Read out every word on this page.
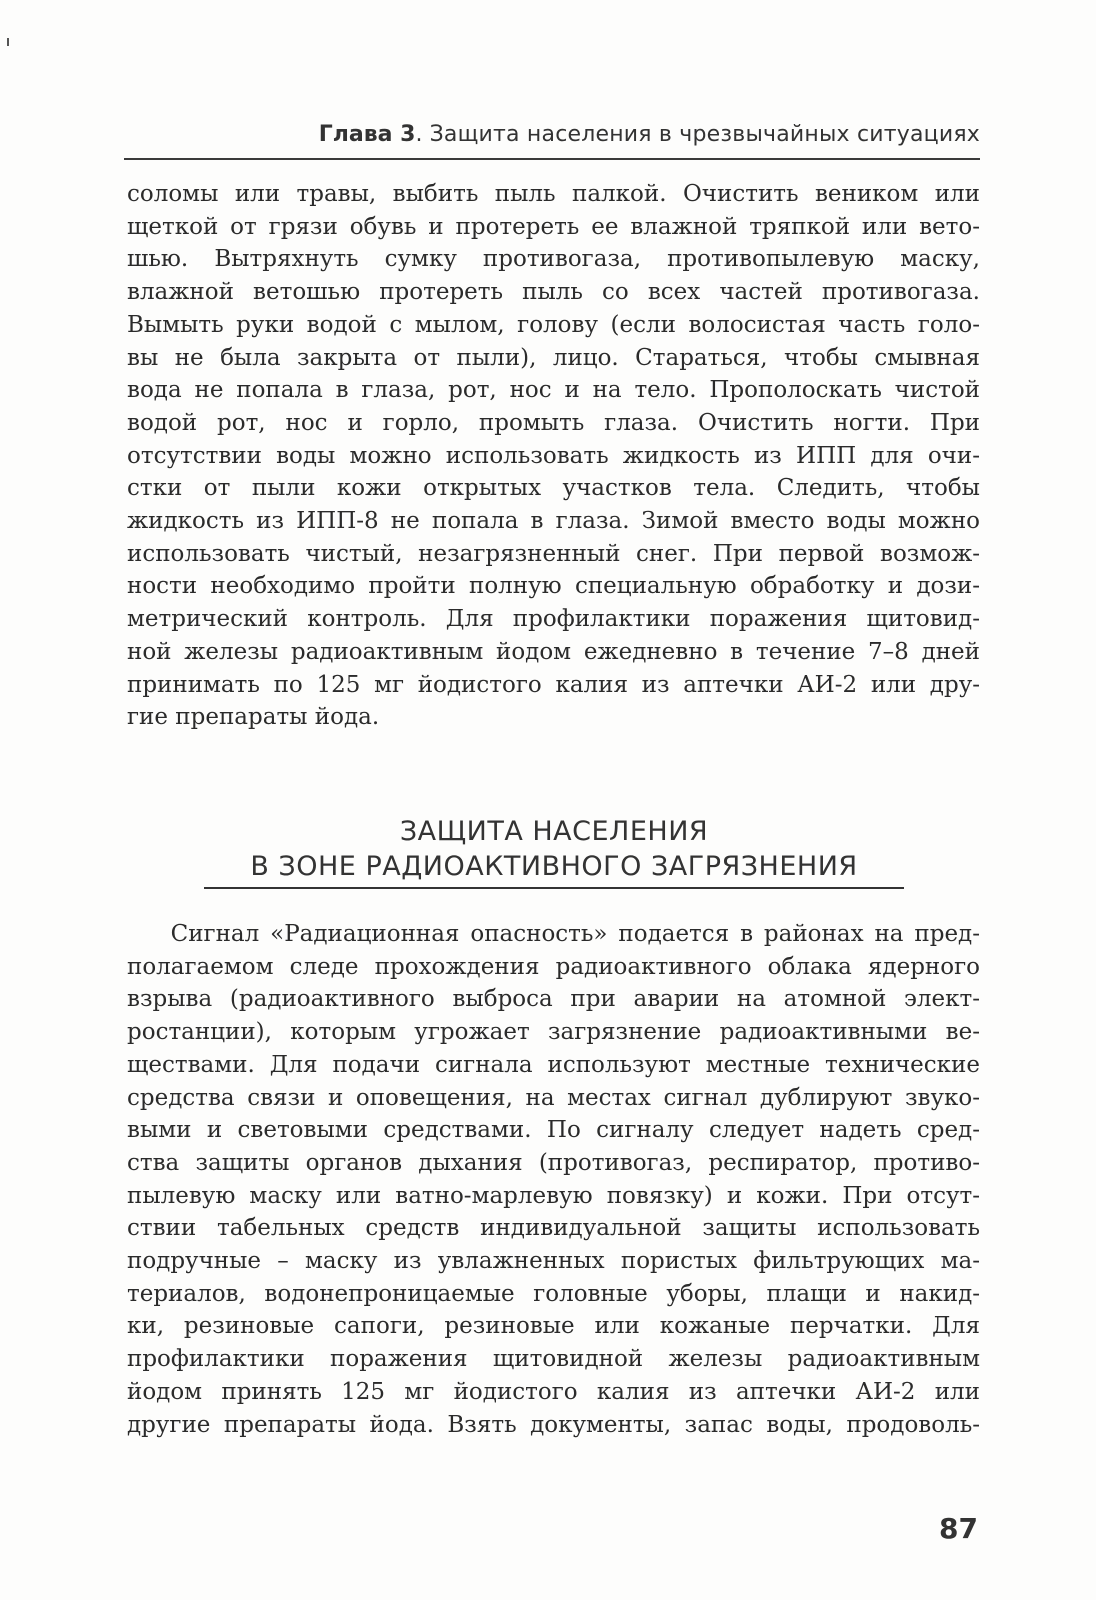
Глава 3. Защита населения в чрезвычайных ситуациях
соломы или травы, выбить пыль палкой. Очистить веником или
щеткой от грязи обувь и протереть ее влажной тряпкой или вето-
шью. Вытряхнуть сумку противогаза, противопылевую маску,
влажной ветошью протереть пыль со всех частей противогаза.
Вымыть руки водой с мылом, голову (если волосистая часть голо-
вы не была закрыта от пыли), лицо. Стараться, чтобы смывная
вода не попала в глаза, рот, нос и на тело. Прополоскать чистой
водой рот, нос и горло, промыть глаза. Очистить ногти. При
отсутствии воды можно использовать жидкость из ИПП для очи-
стки от пыли кожи открытых участков тела. Следить, чтобы
жидкость из ИПП-8 не попала в глаза. Зимой вместо воды можно
использовать чистый, незагрязненный снег. При первой возмож-
ности необходимо пройти полную специальную обработку и дози-
метрический контроль. Для профилактики поражения щитовид-
ной железы радиоактивным йодом ежедневно в течение 7–8 дней
принимать по 125 мг йодистого калия из аптечки АИ-2 или дру-
гие препараты йода.
ЗАЩИТА НАСЕЛЕНИЯ
В ЗОНЕ РАДИОАКТИВНОГО ЗАГРЯЗНЕНИЯ
Сигнал «Радиационная опасность» подается в районах на пред-
полагаемом следе прохождения радиоактивного облака ядерного
взрыва (радиоактивного выброса при аварии на атомной элект-
ростанции), которым угрожает загрязнение радиоактивными ве-
ществами. Для подачи сигнала используют местные технические
средства связи и оповещения, на местах сигнал дублируют звуко-
выми и световыми средствами. По сигналу следует надеть сред-
ства защиты органов дыхания (противогаз, респиратор, противо-
пылевую маску или ватно-марлевую повязку) и кожи. При отсут-
ствии табельных средств индивидуальной защиты использовать
подручные – маску из увлажненных пористых фильтрующих ма-
териалов, водонепроницаемые головные уборы, плащи и накид-
ки, резиновые сапоги, резиновые или кожаные перчатки. Для
профилактики поражения щитовидной железы радиоактивным
йодом принять 125 мг йодистого калия из аптечки АИ-2 или
другие препараты йода. Взять документы, запас воды, продоволь-
87
